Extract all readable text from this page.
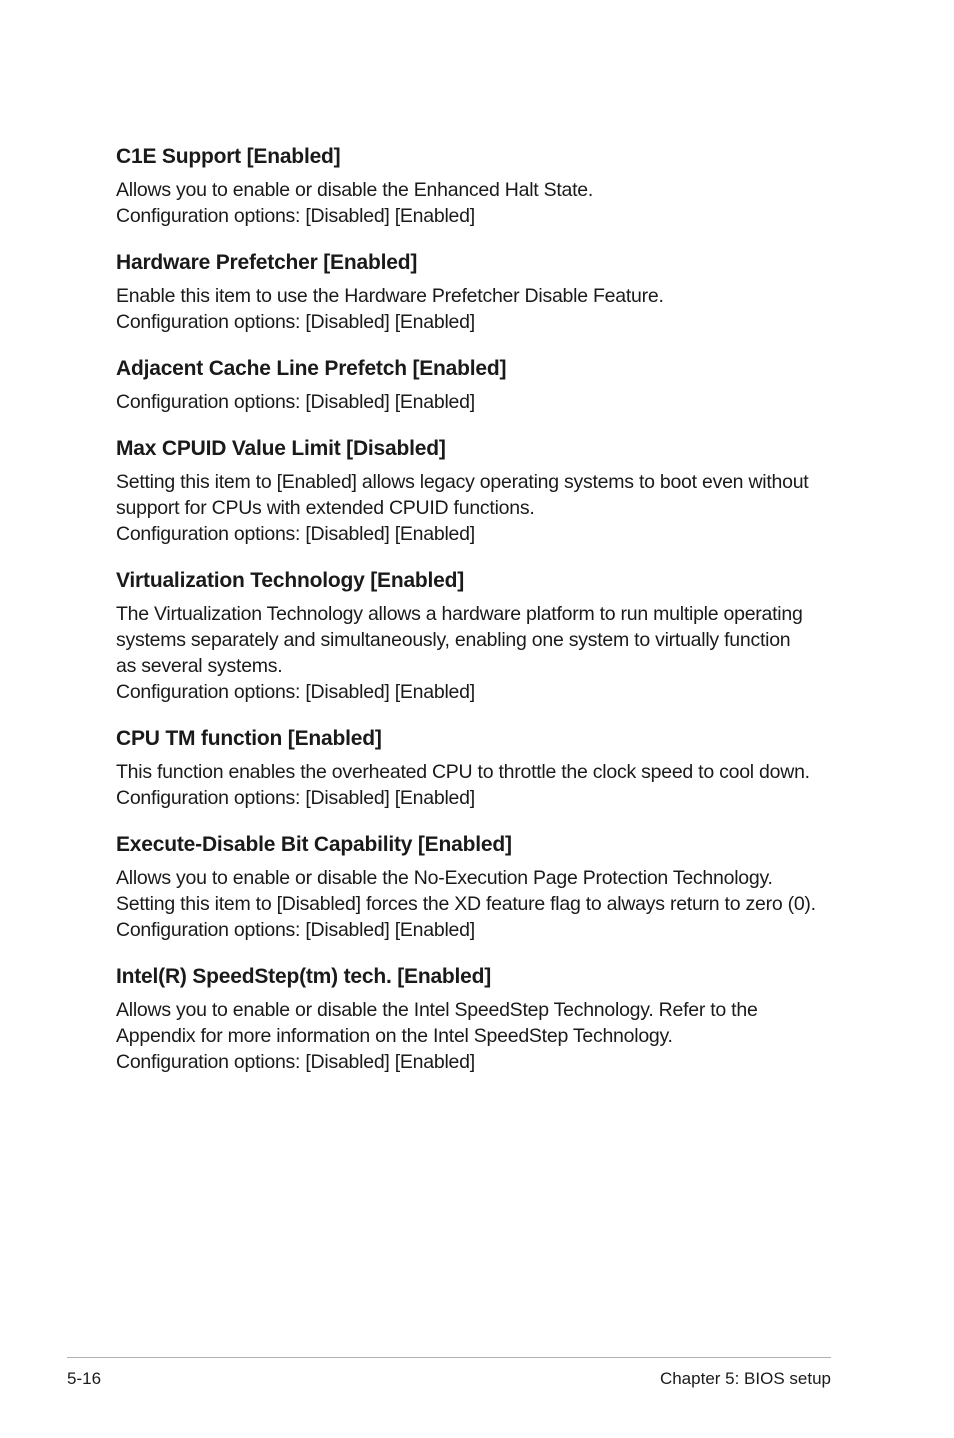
C1E Support [Enabled]
Allows you to enable or disable the Enhanced Halt State.
Configuration options: [Disabled] [Enabled]
Hardware Prefetcher [Enabled]
Enable this item to use the Hardware Prefetcher Disable Feature.
Configuration options: [Disabled] [Enabled]
Adjacent Cache Line Prefetch [Enabled]
Configuration options: [Disabled] [Enabled]
Max CPUID Value Limit [Disabled]
Setting this item to [Enabled] allows legacy operating systems to boot even without
support for CPUs with extended CPUID functions.
Configuration options: [Disabled] [Enabled]
Virtualization Technology [Enabled]
The Virtualization Technology allows a hardware platform to run multiple operating
systems separately and simultaneously, enabling one system to virtually function
as several systems.
Configuration options: [Disabled] [Enabled]
CPU TM function [Enabled]
This function enables the overheated CPU to throttle the clock speed to cool down.
Configuration options: [Disabled] [Enabled]
Execute-Disable Bit Capability [Enabled]
Allows you to enable or disable the No-Execution Page Protection Technology.
Setting this item to [Disabled] forces the XD feature flag to always return to zero (0).
Configuration options: [Disabled] [Enabled]
Intel(R) SpeedStep(tm) tech. [Enabled]
Allows you to enable or disable the Intel SpeedStep Technology. Refer to the
Appendix for more information on the Intel SpeedStep Technology.
Configuration options: [Disabled] [Enabled]
5-16	Chapter 5: BIOS setup
